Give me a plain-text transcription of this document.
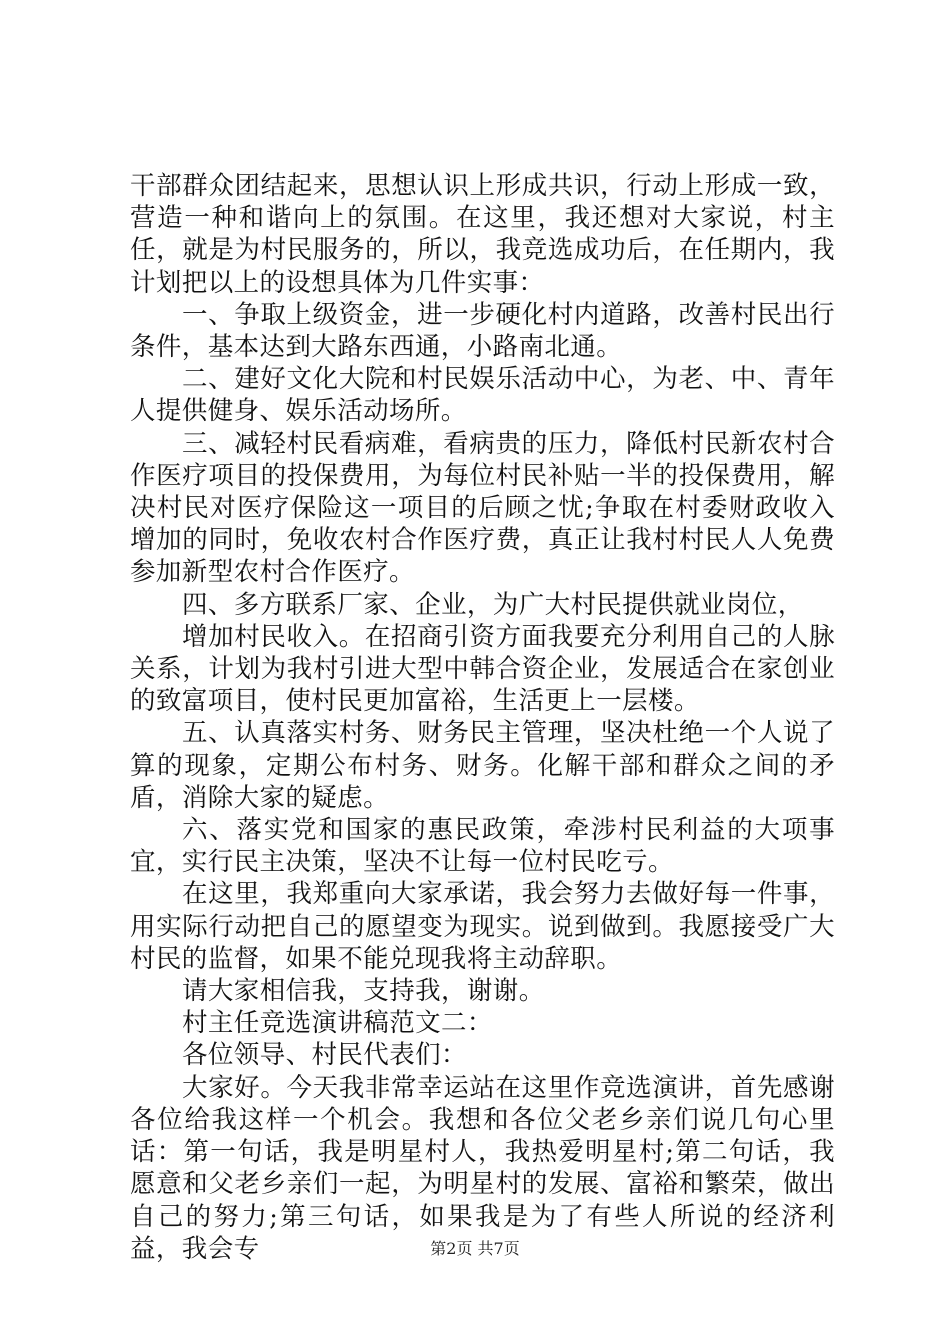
干部群众团结起来，思想认识上形成共识，行动上形成一致，营造一种和谐向上的氛围。在这里，我还想对大家说，村主任，就是为村民服务的，所以，我竞选成功后，在任期内，我计划把以上的设想具体为几件实事：

一、争取上级资金，进一步硬化村内道路，改善村民出行条件，基本达到大路东西通，小路南北通。

二、建好文化大院和村民娱乐活动中心，为老、中、青年人提供健身、娱乐活动场所。

三、减轻村民看病难，看病贵的压力，降低村民新农村合作医疗项目的投保费用，为每位村民补贴一半的投保费用，解决村民对医疗保险这一项目的后顾之忧;争取在村委财政收入增加的同时，免收农村合作医疗费，真正让我村村民人人免费参加新型农村合作医疗。

四、多方联系厂家、企业，为广大村民提供就业岗位，

增加村民收入。在招商引资方面我要充分利用自己的人脉关系，计划为我村引进大型中韩合资企业，发展适合在家创业的致富项目，使村民更加富裕，生活更上一层楼。

五、认真落实村务、财务民主管理，坚决杜绝一个人说了算的现象，定期公布村务、财务。化解干部和群众之间的矛盾，消除大家的疑虑。

六、落实党和国家的惠民政策，牵涉村民利益的大项事宜，实行民主决策，坚决不让每一位村民吃亏。

在这里，我郑重向大家承诺，我会努力去做好每一件事，用实际行动把自己的愿望变为现实。说到做到。我愿接受广大村民的监督，如果不能兑现我将主动辞职。

请大家相信我，支持我，谢谢。

村主任竞选演讲稿范文二：

各位领导、村民代表们：

大家好。今天我非常幸运站在这里作竞选演讲，首先感谢各位给我这样一个机会。我想和各位父老乡亲们说几句心里话：第一句话，我是明星村人，我热爱明星村;第二句话，我愿意和父老乡亲们一起，为明星村的发展、富裕和繁荣，做出自己的努力;第三句话，如果我是为了有些人所说的经济利益，我会专	第2页 共7页
